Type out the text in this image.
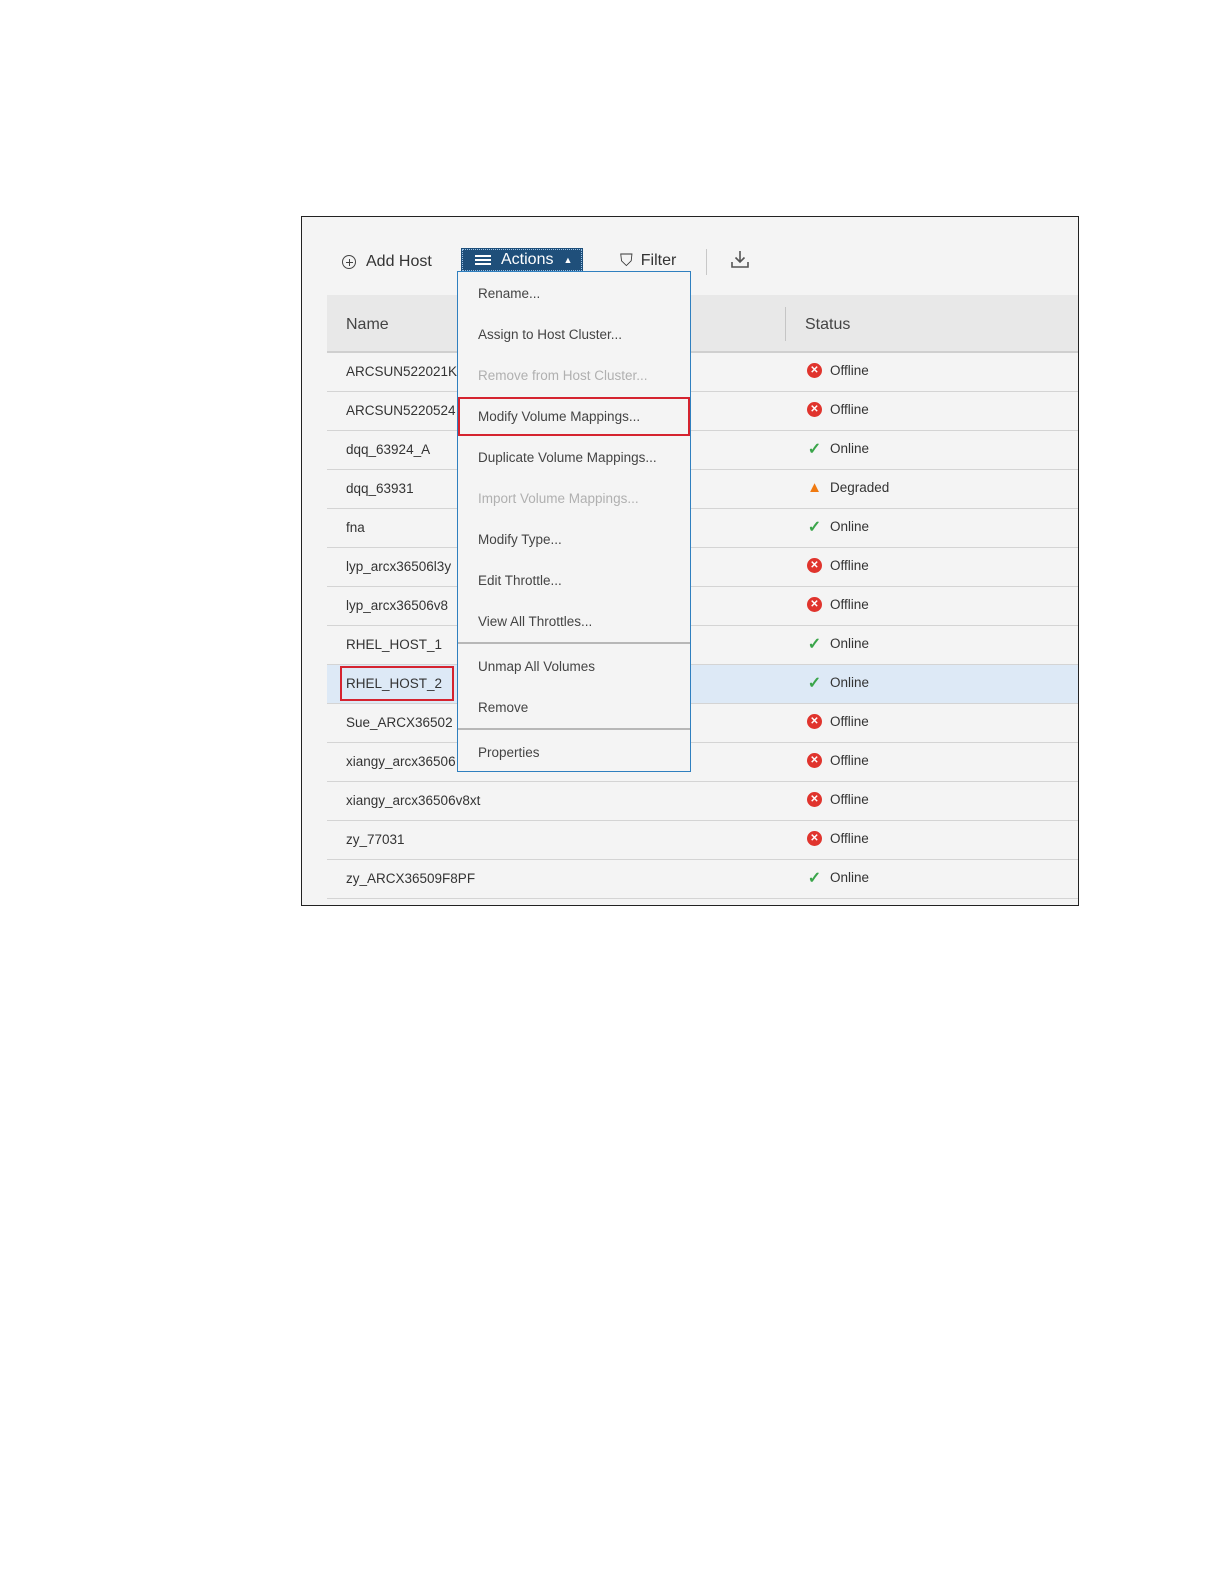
Add Host	Actions ▲	⛉ Filter
Name	Status
ARCSUN522021K	✕ Offline
ARCSUN5220524	✕ Offline
dqq_63924_A	✓ Online
dqq_63931	▲ Degraded
fna	✓ Online
lyp_arcx36506l3y	✕ Offline
lyp_arcx36506v8	✕ Offline
RHEL_HOST_1	✓ Online
RHEL_HOST_2	✓ Online
Sue_ARCX36502	✕ Offline
xiangy_arcx36506	✕ Offline
xiangy_arcx36506v8xt	✕ Offline
zy_77031	✕ Offline
zy_ARCX36509F8PF	✓ Online
Rename...
Assign to Host Cluster...
Remove from Host Cluster...
Modify Volume Mappings...
Duplicate Volume Mappings...
Import Volume Mappings...
Modify Type...
Edit Throttle...
View All Throttles...
Unmap All Volumes
Remove
Properties
